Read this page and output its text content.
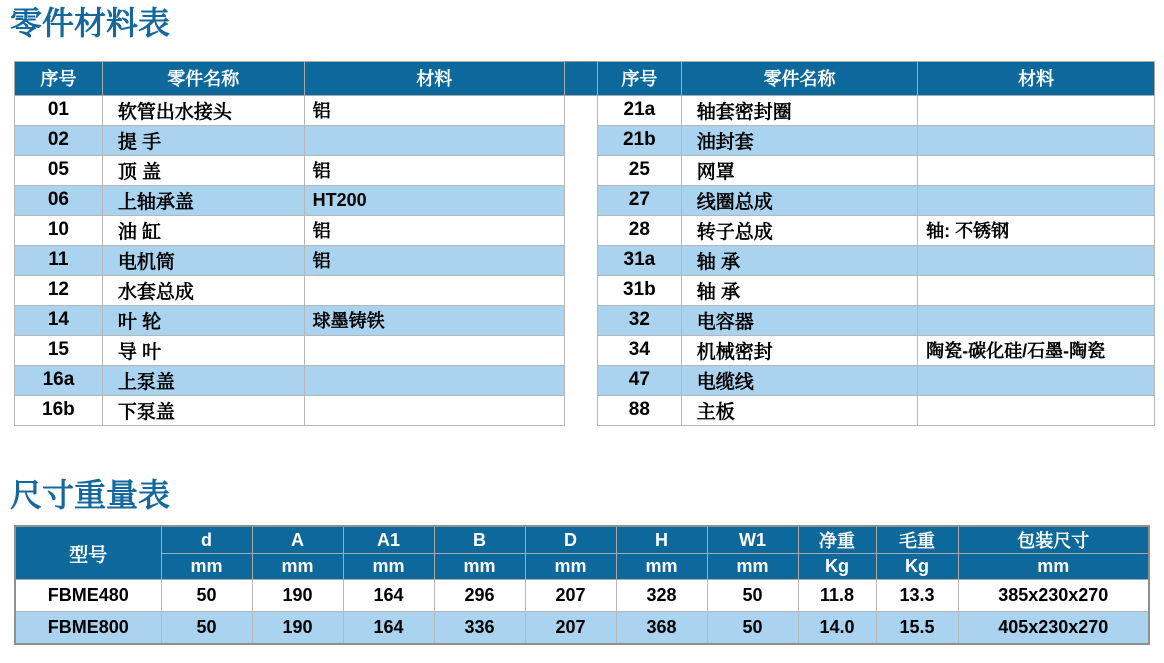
零件材料表
序号	零件名称	材料
01	软管出水接头	铝
02	提 手	
05	顶 盖	铝
06	上轴承盖	HT200
10	油 缸	铝
11	电机筒	铝
12	水套总成	
14	叶 轮	球墨铸铁
15	导 叶	
16a	上泵盖	
16b	下泵盖	
序号	零件名称	材料
21a	轴套密封圈	
21b	油封套	
25	网罩	
27	线圈总成	
28	转子总成	轴: 不锈钢
31a	轴 承	
31b	轴 承	
32	电容器	
34	机械密封	陶瓷-碳化硅/石墨-陶瓷
47	电缆线	
88	主板	
尺寸重量表
型号	d	A	A1	B	D	H	W1	净重	毛重	包装尺寸
	mm	mm	mm	mm	mm	mm	mm	Kg	Kg	mm
FBME480	50	190	164	296	207	328	50	11.8	13.3	385x230x270
FBME800	50	190	164	336	207	368	50	14.0	15.5	405x230x270
